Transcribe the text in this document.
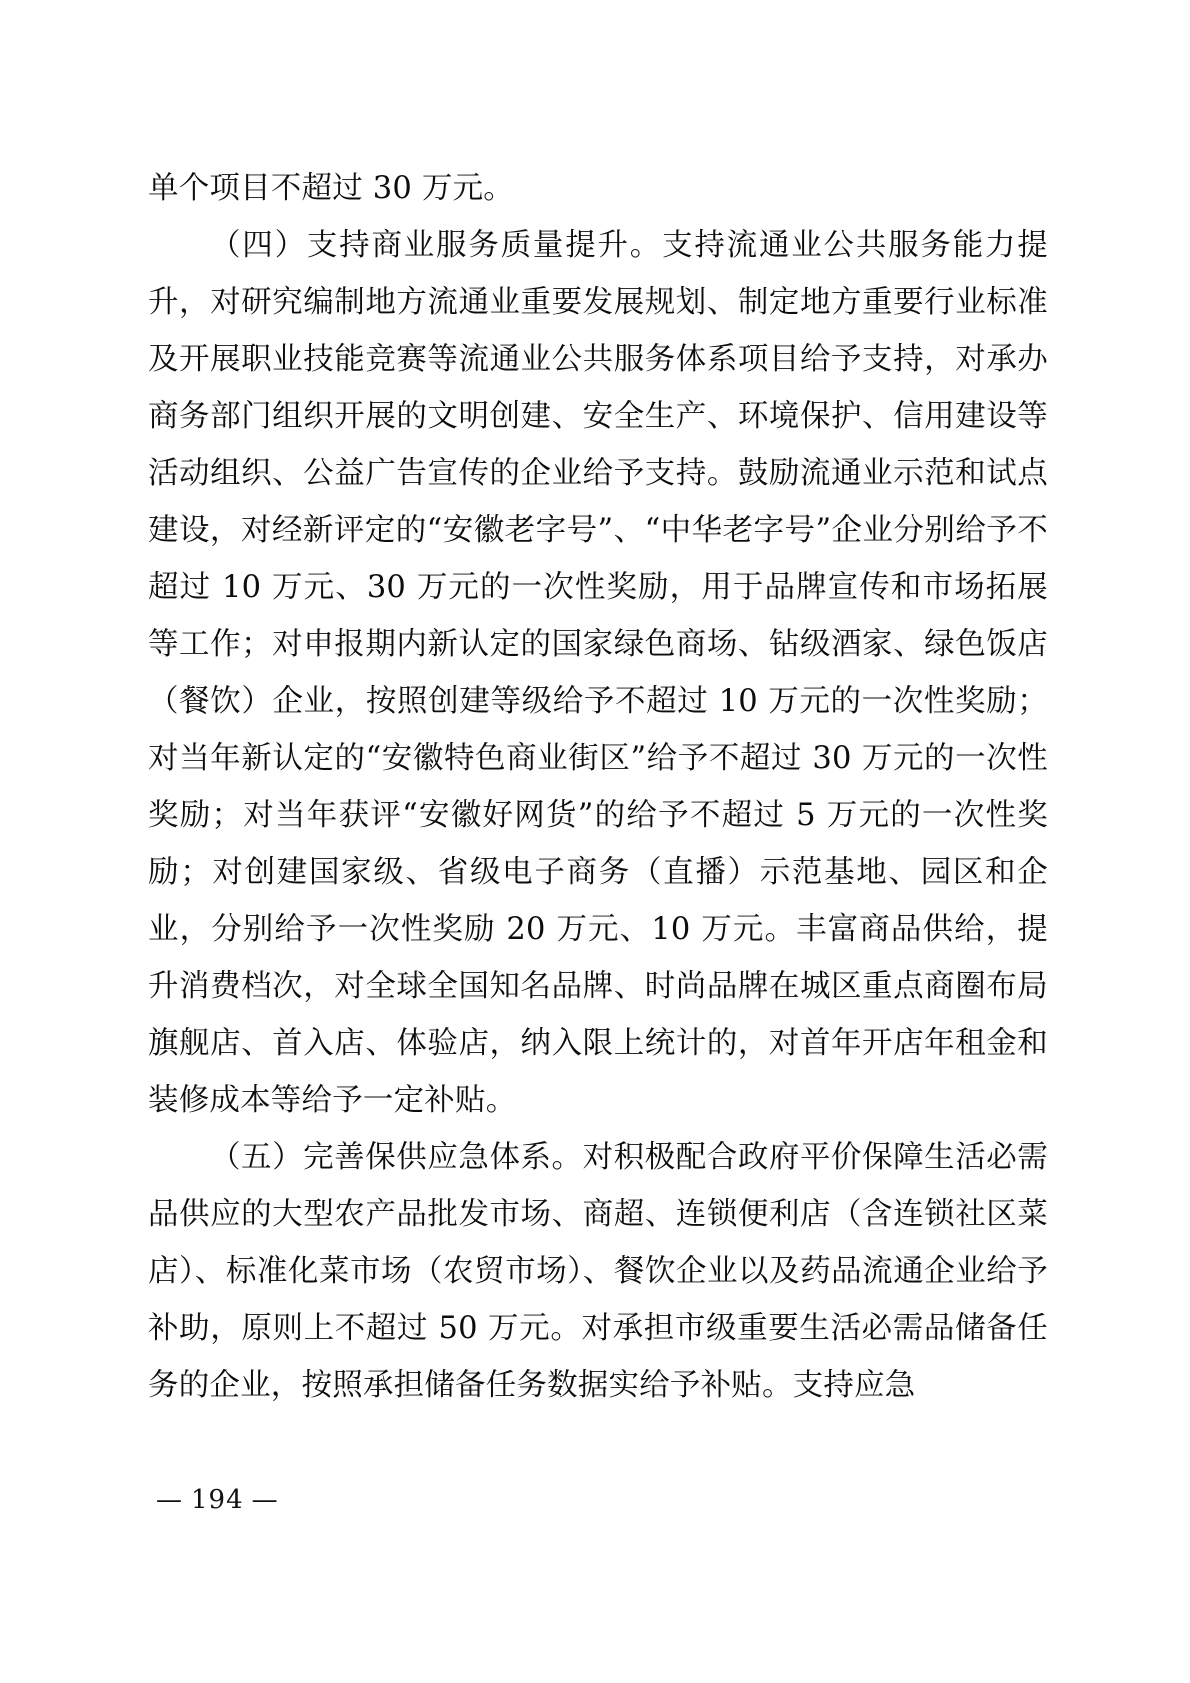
单个项目不超过 30 万元。

（四）支持商业服务质量提升。支持流通业公共服务能力提升，对研究编制地方流通业重要发展规划、制定地方重要行业标准及开展职业技能竞赛等流通业公共服务体系项目给予支持，对承办商务部门组织开展的文明创建、安全生产、环境保护、信用建设等活动组织、公益广告宣传的企业给予支持。鼓励流通业示范和试点建设，对经新评定的“安徽老字号”、“中华老字号”企业分别给予不超过 10 万元、30 万元的一次性奖励，用于品牌宣传和市场拓展等工作；对申报期内新认定的国家绿色商场、钻级酒家、绿色饭店（餐饮）企业，按照创建等级给予不超过 10 万元的一次性奖励；对当年新认定的“安徽特色商业街区”给予不超过 30 万元的一次性奖励；对当年获评“安徽好网货”的给予不超过 5 万元的一次性奖励；对创建国家级、省级电子商务（直播）示范基地、园区和企业，分别给予一次性奖励 20 万元、10 万元。丰富商品供给，提升消费档次，对全球全国知名品牌、时尚品牌在城区重点商圈布局旗舰店、首入店、体验店，纳入限上统计的，对首年开店年租金和装修成本等给予一定补贴。

（五）完善保供应急体系。对积极配合政府平价保障生活必需品供应的大型农产品批发市场、商超、连锁便利店（含连锁社区菜店）、标准化菜市场（农贸市场）、餐饮企业以及药品流通企业给予补助，原则上不超过 50 万元。对承担市级重要生活必需品储备任务的企业，按照承担储备任务数据实给予补贴。支持应急

— 194 —
